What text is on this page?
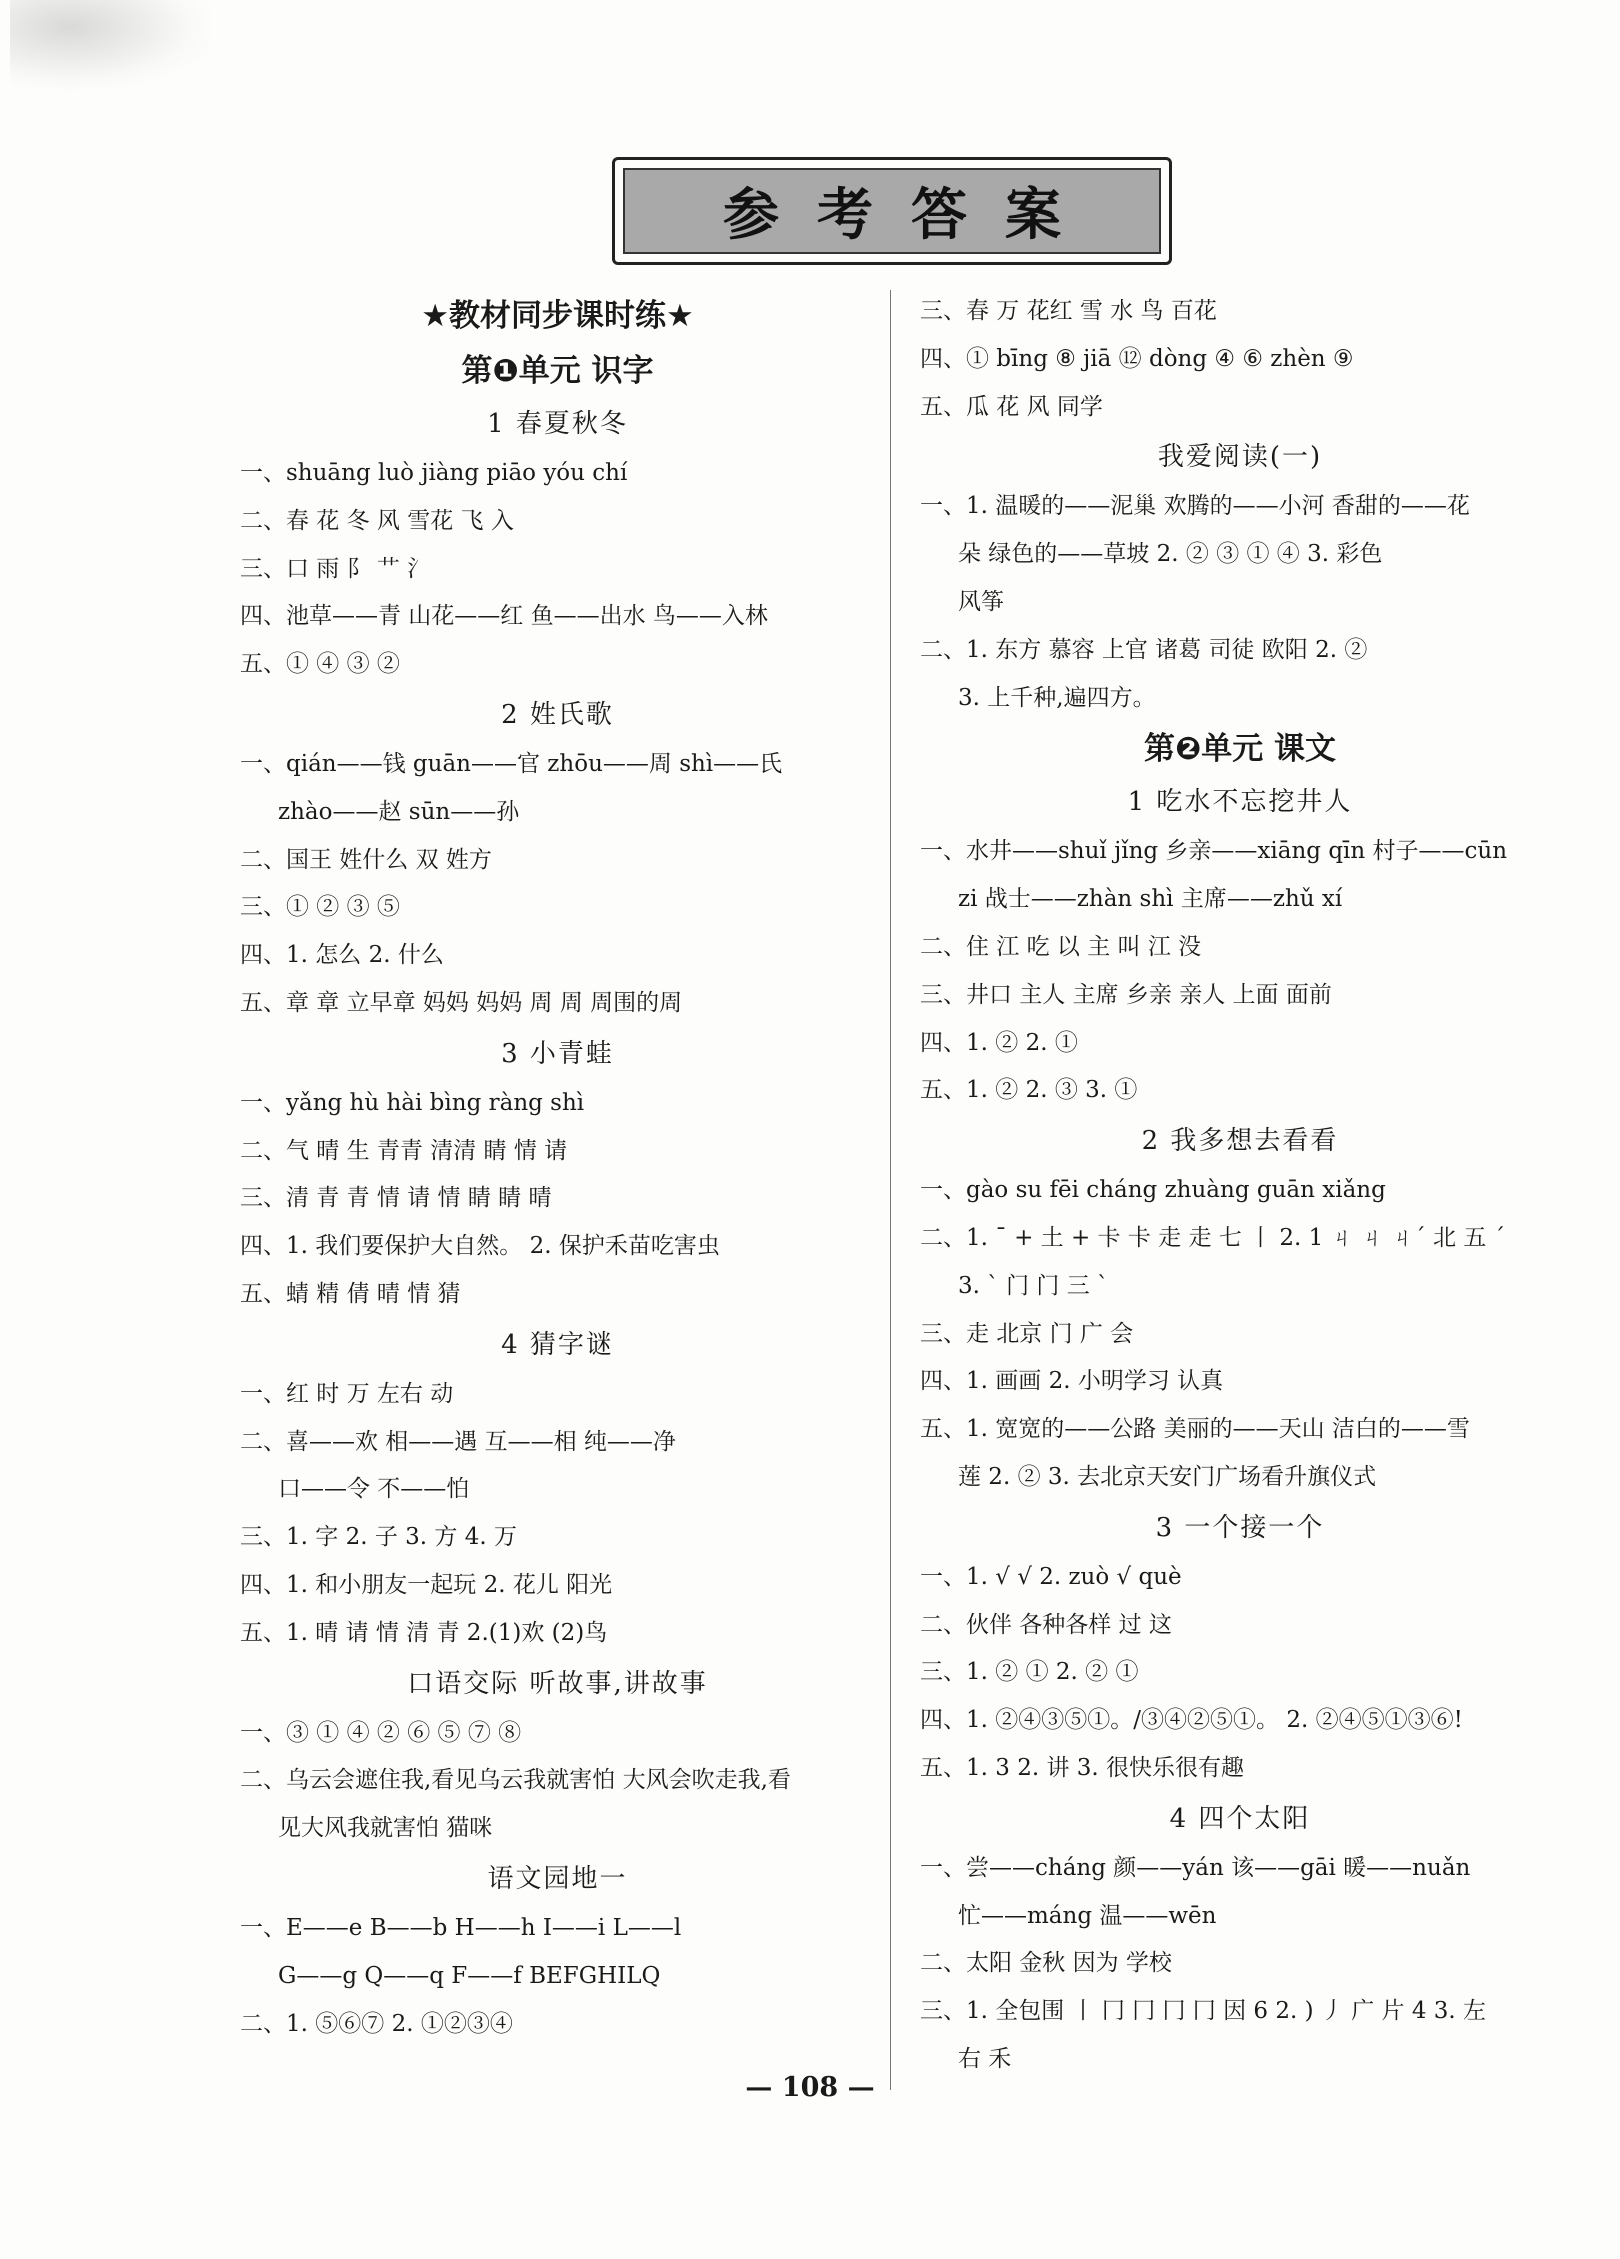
参考答案
★教材同步课时练★
第❶单元 识字
1 春夏秋冬
一、shuāng luò jiàng piāo yóu chí
二、春 花 冬 风 雪花 飞 入
三、口 雨 阝 艹 氵
四、池草——青 山花——红 鱼——出水 鸟——入林
五、① ④ ③ ②
2 姓氏歌
一、qián——钱 guān——官 zhōu——周 shì——氏
zhào——赵 sūn——孙
二、国王 姓什么 双 姓方
三、① ② ③ ⑤
四、1. 怎么 2. 什么
五、章 章 立早章 妈妈 妈妈 周 周 周围的周
3 小青蛙
一、yǎng hù hài bìng ràng shì
二、气 晴 生 青青 清清 睛 情 请
三、清 青 青 情 请 情 睛 睛 晴
四、1. 我们要保护大自然。 2. 保护禾苗吃害虫
五、蜻 精 倩 晴 情 猜
4 猜字谜
一、红 时 万 左右 动
二、喜——欢 相——遇 互——相 纯——净
口——令 不——怕
三、1. 字 2. 子 3. 方 4. 万
四、1. 和小朋友一起玩 2. 花儿 阳光
五、1. 晴 请 情 清 青 2.(1)欢 (2)鸟
口语交际 听故事,讲故事
一、③ ① ④ ② ⑥ ⑤ ⑦ ⑧
二、乌云会遮住我,看见乌云我就害怕 大风会吹走我,看
见大风我就害怕 猫咪
语文园地一
一、E——e B——b H——h I——i L——l
G——g Q——q F——f BEFGHILQ
二、1. ⑤⑥⑦ 2. ①②③④
三、春 万 花红 雪 水 鸟 百花
四、① bīng ⑧ jiā ⑫ dòng ④ ⑥ zhèn ⑨
五、瓜 花 风 同学
我爱阅读(一)
一、1. 温暖的——泥巢 欢腾的——小河 香甜的——花
朵 绿色的——草坡 2. ② ③ ① ④ 3. 彩色
风筝
二、1. 东方 慕容 上官 诸葛 司徒 欧阳 2. ②
3. 上千种,遍四方。
第❷单元 课文
1 吃水不忘挖井人
一、水井——shuǐ jǐng 乡亲——xiāng qīn 村子——cūn
zi 战士——zhàn shì 主席——zhǔ xí
二、住 江 吃 以 主 叫 江 没
三、井口 主人 主席 乡亲 亲人 上面 面前
四、1. ② 2. ①
五、1. ② 2. ③ 3. ①
2 我多想去看看
一、gào su fēi cháng zhuàng guān xiǎng
二、1. ˉ + 土 + 卡 卡 走 走 七 丨 2. 1 ㄐ ㄐ ㄐˊ 北 五 ˊ
3. ˋ 门 门 三 ˋ
三、走 北京 门 广 会
四、1. 画画 2. 小明学习 认真
五、1. 宽宽的——公路 美丽的——天山 洁白的——雪
莲 2. ② 3. 去北京天安门广场看升旗仪式
3 一个接一个
一、1. √ √ 2. zuò √ què
二、伙伴 各种各样 过 这
三、1. ② ① 2. ② ①
四、1. ②④③⑤①。/③④②⑤①。 2. ②④⑤①③⑥!
五、1. 3 2. 讲 3. 很快乐很有趣
4 四个太阳
一、尝——cháng 颜——yán 该——gāi 暖——nuǎn
忙——máng 温——wēn
二、太阳 金秋 因为 学校
三、1. 全包围 丨 冂 冂 冂 冂 因 6 2. ) 丿 广 片 4 3. 左
右 禾
— 108 —
